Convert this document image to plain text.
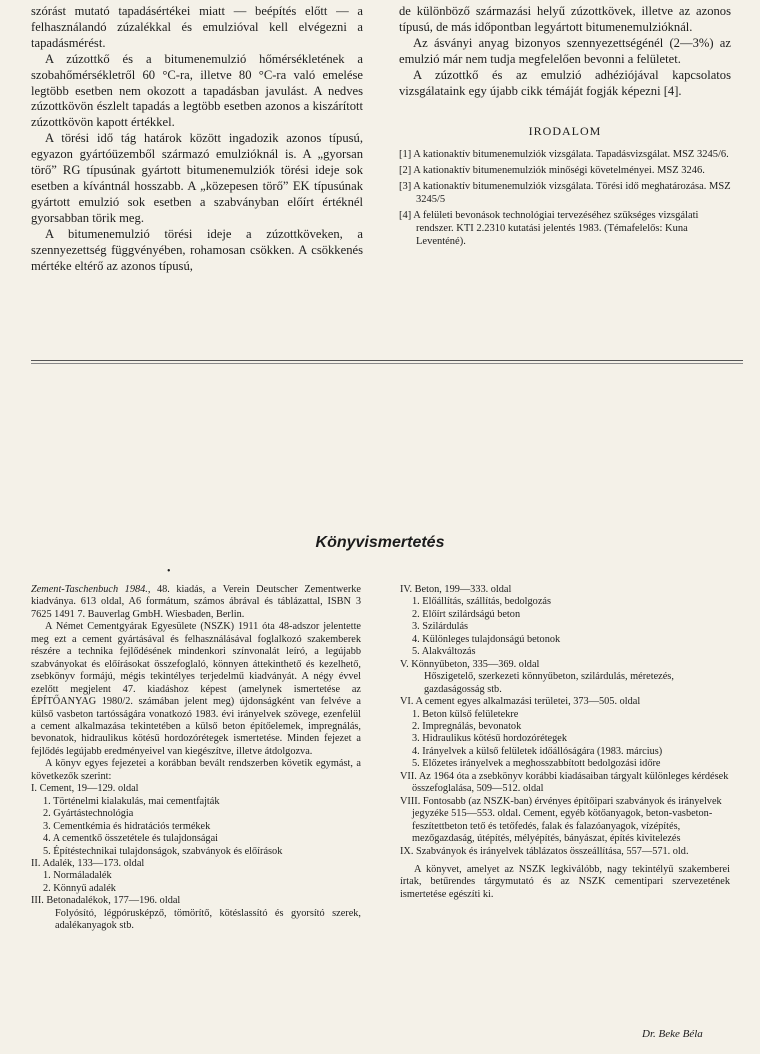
szórást mutató tapadásértékei miatt — beépítés előtt — a felhasználandó zúzalékkal és emulzióval kell elvégezni a tapadásmérést.

A zúzottkő és a bitumenemulzió hőmérsékletének a szobahőmérsékletről 60 °C-ra, illetve 80 °C-ra való emelése legtöbb esetben nem okozott a tapadásban javulást. A nedves zúzottkövön észlelt tapadás a legtöbb esetben azonos a kiszárított zúzottkövön kapott értékkel.

A törési idő tág határok között ingadozik azonos típusú, egyazon gyártóüzemből származó emulzióknál is. A „gyorsan törő” RG típusúnak gyártott bitumenemulziók törési ideje sok esetben a kívántnál hosszabb. A „közepesen törő” EK típusúnak gyártott emulzió sok esetben a szabványban előírt értéknél gyorsabban törik meg.

A bitumenemulzió törési ideje a zúzottköveken, a szennyezettség függvényében, rohamosan csökken. A csökkenés mértéke eltérő az azonos típusú,

de különböző származási helyű zúzottkövek, illetve az azonos típusú, de más időpontban legyártott bitumenemulzióknál.

Az ásványi anyag bizonyos szennyezettségénél (2—3%) az emulzió már nem tudja megfelelően bevonni a felületet.

A zúzottkő és az emulzió adhéziójával kapcsolatos vizsgálataink egy újabb cikk témáját fogják képezni [4].

IRODALOM

[1] A kationaktív bitumenemulziók vizsgálata. Tapadásvizsgálat. MSZ 3245/6.

[2] A kationaktív bitumenemulziók minőségi követelményei. MSZ 3246.

[3] A kationaktív bitumenemulziók vizsgálata. Törési idő meghatározása. MSZ 3245/5

[4] A felületi bevonások technológiai tervezéséhez szükséges vizsgálati rendszer. KTI 2.2310 kutatási jelentés 1983. (Témafelelős: Kuna Leventéné).

Könyvismertetés
•

Zement-Taschenbuch 1984., 48. kiadás, a Verein Deutscher Zementwerke kiadványa. 613 oldal, A6 formátum, számos ábrával és táblázattal, ISBN 3 7625 1491 7. Bauverlag GmbH. Wiesbaden, Berlin.

A Német Cementgyárak Egyesülete (NSZK) 1911 óta 48-adszor jelentette meg ezt a cement gyártásával és felhasználásával foglalkozó szakemberek részére a technika fejlődésének mindenkori színvonalát leíró, a legújabb szabványokat és előírásokat összefoglaló, könnyen áttekinthető és kezelhető, zsebkönyv formájú, mégis tekintélyes terjedelmű kiadványát. A négy évvel ezelőtt megjelent 47. kiadáshoz képest (amelynek ismertetése az ÉPÍTŐANYAG 1980/2. számában jelent meg) újdonságként van felvéve a külső vasbeton tartósságára vonatkozó 1983. évi irányelvek szövege, ezenfelül a cement alkalmazása tekintetében a külső beton építőelemek, impregnálás, bevonatok, hidraulikus kötésű hordozórétegek ismertetése. Minden fejezet a fejlődés legújabb eredményeivel van kiegészítve, illetve átdolgozva.

A könyv egyes fejezetei a korábban bevált rendszerben követik egymást, a következők szerint:

I. Cement, 19—129. oldal

1. Történelmi kialakulás, mai cementfajták

2. Gyártástechnológia

3. Cementkémia és hidratációs termékek

4. A cementkő összetétele és tulajdonságai

5. Építéstechnikai tulajdonságok, szabványok és előírások

II. Adalék, 133—173. oldal

1. Normáladalék

2. Könnyű adalék

III. Betonadalékok, 177—196. oldal

Folyósító, légpórusképző, tömörítő, kötéslassító és gyorsító szerek, adalékanyagok stb.

IV. Beton, 199—333. oldal

1. Előállítás, szállítás, bedolgozás

2. Előírt szilárdságú beton

3. Szilárdulás

4. Különleges tulajdonságú betonok

5. Alakváltozás

V. Könnyűbeton, 335—369. oldal

Hőszigetelő, szerkezeti könnyűbeton, szilárdulás, méretezés, gazdaságosság stb.

VI. A cement egyes alkalmazási területei, 373—505. oldal

1. Beton külső felületekre

2. Impregnálás, bevonatok

3. Hidraulikus kötésű hordozórétegek

4. Irányelvek a külső felületek időállóságára (1983. március)

5. Előzetes irányelvek a meghosszabbított bedolgozási időre

VII. Az 1964 óta a zsebkönyv korábbi kiadásaiban tárgyalt különleges kérdések összefoglalása, 509—512. oldal

VIII. Fontosabb (az NSZK-ban) érvényes építőipari szabványok és irányelvek jegyzéke 515—553. oldal. Cement, egyéb kötőanyagok, beton-vasbeton-feszítettbeton tető és tetőfedés, falak és falazóanyagok, vízépítés, mezőgazdaság, útépítés, mélyépítés, bányászat, építés kivitelezés

IX. Szabványok és irányelvek táblázatos összeállítása, 557—571. old.

A könyvet, amelyet az NSZK legkiválóbb, nagy tekintélyű szakemberei írtak, betűrendes tárgymutató és az NSZK cementipari szervezetének ismertetése egészíti ki.

Dr. Beke Béla
